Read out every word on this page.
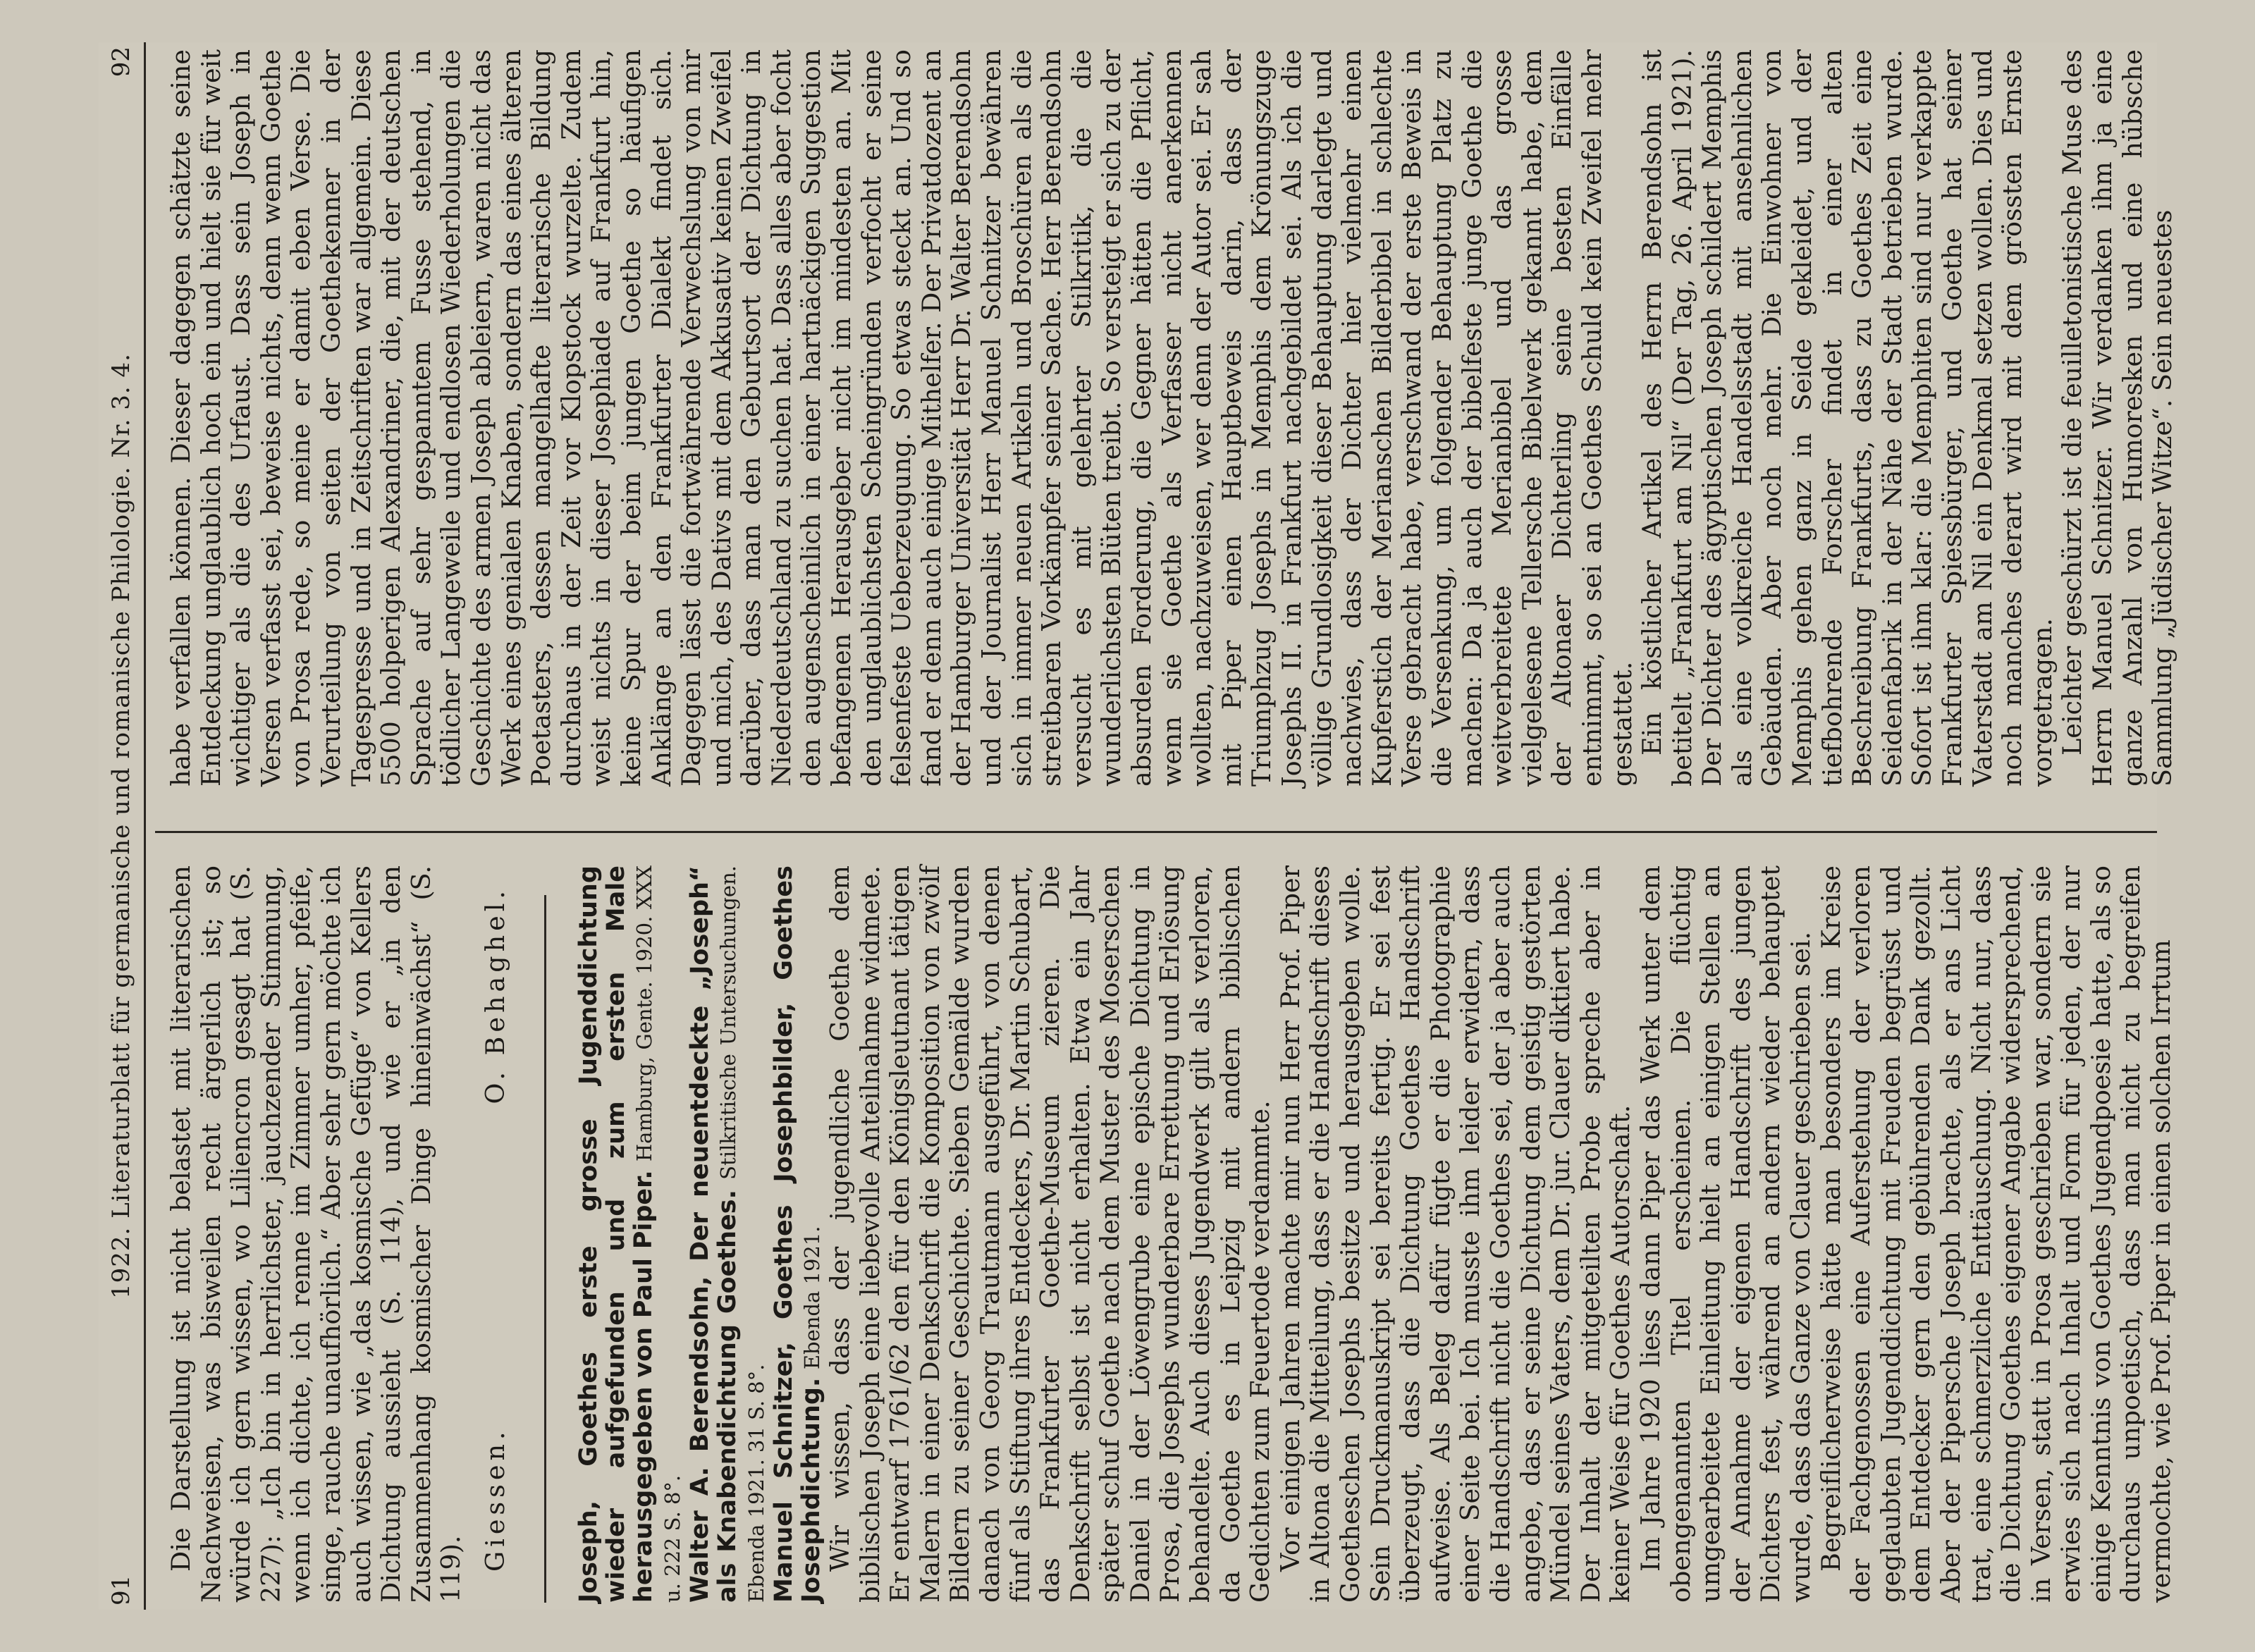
91
1922. Literaturblatt für germanische und romanische Philologie. Nr. 3. 4.
92

Die Darstellung ist nicht belastet mit literarischen Nachweisen, was bisweilen recht ärgerlich ist; so würde ich gern wissen, wo Liliencron gesagt hat (S. 227): „Ich bin in herrlichster, jauchzender Stimmung, wenn ich dichte, ich renne im Zimmer umher, pfeife, singe, rauche unaufhörlich.“ Aber sehr gern möchte ich auch wissen, wie „das kosmische Gefüge“ von Kellers Dichtung aussieht (S. 114), und wie er „in den Zusammenhang kosmischer Dinge hineinwächst“ (S. 119). Giessen.
O. Behaghel.	Joseph, Goethes erste grosse Jugenddichtung wieder aufgefunden und zum ersten Male herausgegeben von Paul Piper. Hamburg, Gente. 1920. XXX u. 222 S. 8°. Walter A. Berendsohn, Der neuentdeckte „Joseph“ als Knabendichtung Goethes. Stilkritische Untersuchungen. Ebenda 1921. 31 S. 8°. Manuel Schnitzer, Goethes Josephbilder, Goethes Josephdichtung. Ebenda 1921. Wir wissen, dass der jugendliche Goethe dem biblischen Joseph eine liebevolle Anteilnahme widmete. Er entwarf 1761/62 den für den Königsleutnant tätigen Malern in einer Denkschrift die Komposition von zwölf Bildern zu seiner Geschichte. Sieben Gemälde wurden danach von Georg Trautmann ausgeführt, von denen fünf als Stiftung ihres Entdeckers, Dr. Martin Schubart, das Frankfurter Goethe-Museum zieren. Die Denkschrift selbst ist nicht erhalten. Etwa ein Jahr später schuf Goethe nach dem Muster des Moserschen Daniel in der Löwengrube eine epische Dichtung in Prosa, die Josephs wunderbare Errettung und Erlösung behandelte. Auch dieses Jugendwerk gilt als verloren, da Goethe es in Leipzig mit andern biblischen Gedichten zum Feuertode verdammte. Vor einigen Jahren machte mir nun Herr Prof. Piper in Altona die Mitteilung, dass er die Handschrift dieses Goetheschen Josephs besitze und herausgeben wolle. Sein Druckmanuskript sei bereits fertig. Er sei fest überzeugt, dass die Dichtung Goethes Handschrift aufweise. Als Beleg dafür fügte er die Photographie einer Seite bei. Ich musste ihm leider erwidern, dass die Handschrift nicht die Goethes sei, der ja aber auch angebe, dass er seine Dichtung dem geistig gestörten Mündel seines Vaters, dem Dr. jur. Clauer diktiert habe. Der Inhalt der mitgeteilten Probe spreche aber in keiner Weise für Goethes Autorschaft. Im Jahre 1920 liess dann Piper das Werk unter dem obengenannten Titel erscheinen. Die flüchtig umgearbeitete Einleitung hielt an einigen Stellen an der Annahme der eigenen Handschrift des jungen Dichters fest, während an andern wieder behauptet wurde, dass das Ganze von Clauer geschrieben sei. Begreiflicherweise hätte man besonders im Kreise der Fachgenossen eine Auferstehung der verloren geglaubten Jugenddichtung mit Freuden begrüsst und dem Entdecker gern den gebührenden Dank gezollt. Aber der Pipersche Joseph brachte, als er ans Licht trat, eine schmerzliche Enttäuschung. Nicht nur, dass die Dichtung Goethes eigener Angabe widersprechend, in Versen, statt in Prosa geschrieben war, sondern sie erwies sich nach Inhalt und Form für jeden, der nur einige Kenntnis von Goethes Jugendpoesie hatte, als so durchaus unpoetisch, dass man nicht zu begreifen vermochte, wie Prof. Piper in einen solchen Irrtum

habe verfallen können. Dieser dagegen schätzte seine Entdeckung unglaublich hoch ein und hielt sie für weit wichtiger als die des Urfaust. Dass sein Joseph in Versen verfasst sei, beweise nichts, denn wenn Goethe von Prosa rede, so meine er damit eben Verse. Die Verurteilung von seiten der Goethekenner in der Tagespresse und in Zeitschriften war allgemein. Diese 5500 holperigen Alexandriner, die, mit der deutschen Sprache auf sehr gespanntem Fusse stehend, in tödlicher Langeweile und endlosen Wiederholungen die Geschichte des armen Joseph ableiern, waren nicht das Werk eines genialen Knaben, sondern das eines älteren Poetasters, dessen mangelhafte literarische Bildung durchaus in der Zeit vor Klopstock wurzelte. Zudem weist nichts in dieser Josephiade auf Frankfurt hin, keine Spur der beim jungen Goethe so häufigen Anklänge an den Frankfurter Dialekt findet sich. Dagegen lässt die fortwährende Verwechslung von mir und mich, des Dativs mit dem Akkusativ keinen Zweifel darüber, dass man den Geburtsort der Dichtung in Niederdeutschland zu suchen hat. Dass alles aber focht den augenscheinlich in einer hartnäckigen Suggestion befangenen Herausgeber nicht im mindesten an. Mit den unglaublichsten Scheingründen verfocht er seine felsenfeste Ueberzeugung. So etwas steckt an. Und so fand er denn auch einige Mithelfer. Der Privatdozent an der Hamburger Universität Herr Dr. Walter Berendsohn und der Journalist Herr Manuel Schnitzer bewähren sich in immer neuen Artikeln und Broschüren als die streitbaren Vorkämpfer seiner Sache. Herr Berendsohn versucht es mit gelehrter Stilkritik, die die wunderlichsten Blüten treibt. So versteigt er sich zu der absurden Forderung, die Gegner hätten die Pflicht, wenn sie Goethe als Verfasser nicht anerkennen wollten, nachzuweisen, wer denn der Autor sei. Er sah mit Piper einen Hauptbeweis darin, dass der Triumphzug Josephs in Memphis dem Krönungszuge Josephs II. in Frankfurt nachgebildet sei. Als ich die völlige Grundlosigkeit dieser Behauptung darlegte und nachwies, dass der Dichter hier vielmehr einen Kupferstich der Merianschen Bilderbibel in schlechte Verse gebracht habe, verschwand der erste Beweis in die Versenkung, um folgender Behauptung Platz zu machen: Da ja auch der bibelfeste junge Goethe die weitverbreitete Merianbibel und das grosse vielgelesene Tellersche Bibelwerk gekannt habe, dem der Altonaer Dichterling seine besten Einfälle entnimmt, so sei an Goethes Schuld kein Zweifel mehr gestattet. Ein köstlicher Artikel des Herrn Berendsohn ist betitelt „Frankfurt am Nil“ (Der Tag, 26. April 1921). Der Dichter des ägyptischen Joseph schildert Memphis als eine volkreiche Handelsstadt mit ansehnlichen Gebäuden. Aber noch mehr. Die Einwohner von Memphis gehen ganz in Seide gekleidet, und der tiefbohrende Forscher findet in einer alten Beschreibung Frankfurts, dass zu Goethes Zeit eine Seidenfabrik in der Nähe der Stadt betrieben wurde. Sofort ist ihm klar: die Memphiten sind nur verkappte Frankfurter Spiessbürger, und Goethe hat seiner Vaterstadt am Nil ein Denkmal setzen wollen. Dies und noch manches derart wird mit dem grössten Ernste vorgetragen. Leichter geschürzt ist die feuilletonistische Muse des Herrn Manuel Schnitzer. Wir verdanken ihm ja eine ganze Anzahl von Humoresken und eine hübsche Sammlung „Jüdischer Witze“. Sein neuestes
